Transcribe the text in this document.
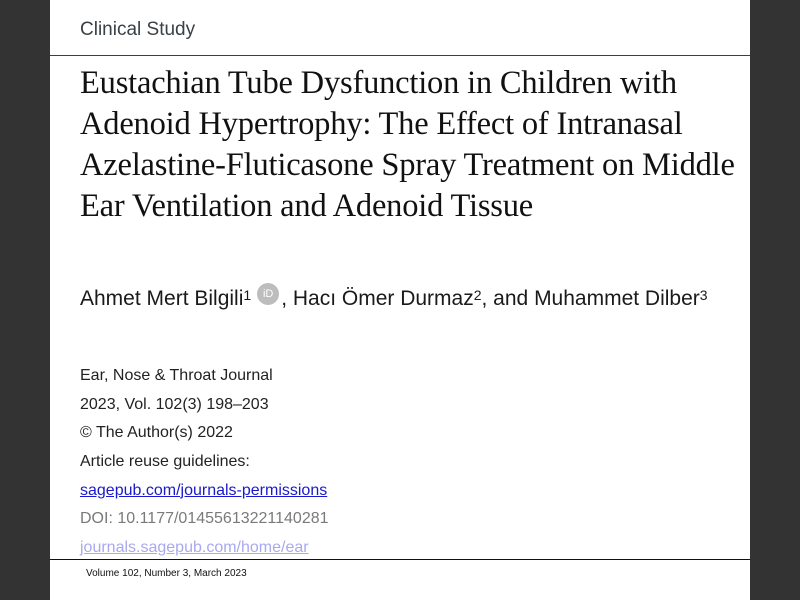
Clinical Study
Eustachian Tube Dysfunction in Children with Adenoid Hypertrophy: The Effect of Intranasal Azelastine-Fluticasone Spray Treatment on Middle Ear Ventilation and Adenoid Tissue
Ahmet Mert Bilgili$^1$ iD , Hacı Ömer Durmaz$^2$, and Muhammet Dilber$^3$
Ear, Nose & Throat Journal
2023, Vol. 102(3) 198–203
© The Author(s) 2022
Article reuse guidelines:
sagepub.com/journals-permissions
DOI: 10.1177/01455613221140281
journals.sagepub.com/home/ear
Volume 102, Number 3, March 2023
